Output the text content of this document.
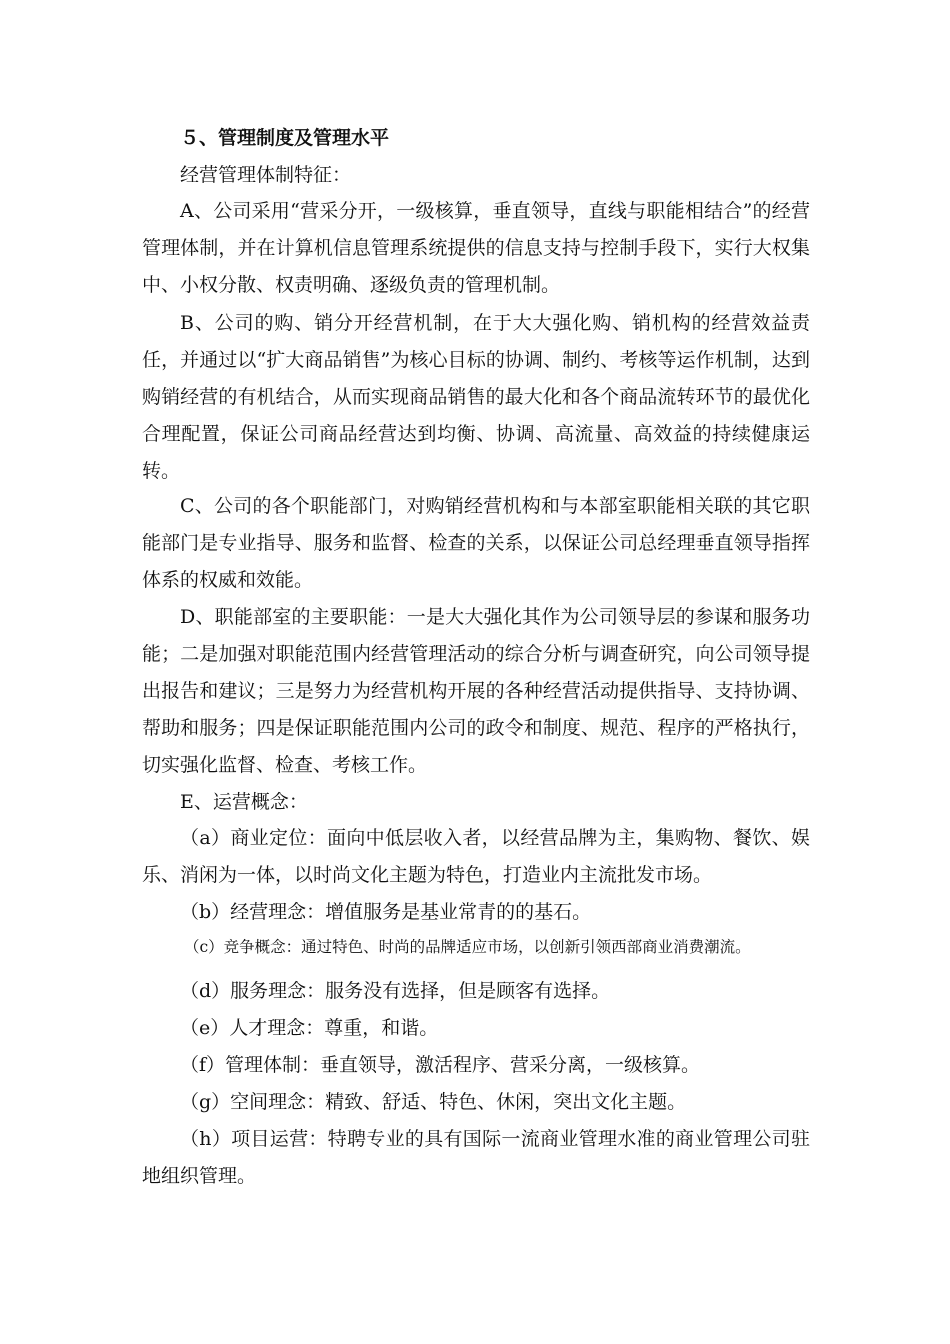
５、管理制度及管理水平

经营管理体制特征：

A、公司采用“营采分开，一级核算，垂直领导，直线与职能相结合”的经营管理体制，并在计算机信息管理系统提供的信息支持与控制手段下，实行大权集中、小权分散、权责明确、逐级负责的管理机制。

B、公司的购、销分开经营机制，在于大大强化购、销机构的经营效益责任，并通过以“扩大商品销售”为核心目标的协调、制约、考核等运作机制，达到购销经营的有机结合，从而实现商品销售的最大化和各个商品流转环节的最优化合理配置，保证公司商品经营达到均衡、协调、高流量、高效益的持续健康运转。

C、公司的各个职能部门，对购销经营机构和与本部室职能相关联的其它职能部门是专业指导、服务和监督、检查的关系，以保证公司总经理垂直领导指挥体系的权威和效能。

D、职能部室的主要职能：一是大大强化其作为公司领导层的参谋和服务功能；二是加强对职能范围内经营管理活动的综合分析与调查研究，向公司领导提出报告和建议；三是努力为经营机构开展的各种经营活动提供指导、支持协调、帮助和服务；四是保证职能范围内公司的政令和制度、规范、程序的严格执行，切实强化监督、检查、考核工作。

E、运营概念：

（a）商业定位：面向中低层收入者，以经营品牌为主，集购物、餐饮、娱乐、消闲为一体，以时尚文化主题为特色，打造业内主流批发市场。

（b）经营理念：增值服务是基业常青的的基石。

（c）竞争概念：通过特色、时尚的品牌适应市场，以创新引领西部商业消费潮流。

（d）服务理念：服务没有选择，但是顾客有选择。

（e）人才理念：尊重，和谐。

（f）管理体制：垂直领导，激活程序、营采分离，一级核算。

（g）空间理念：精致、舒适、特色、休闲，突出文化主题。

（h）项目运营：特聘专业的具有国际一流商业管理水准的商业管理公司驻地组织管理。
